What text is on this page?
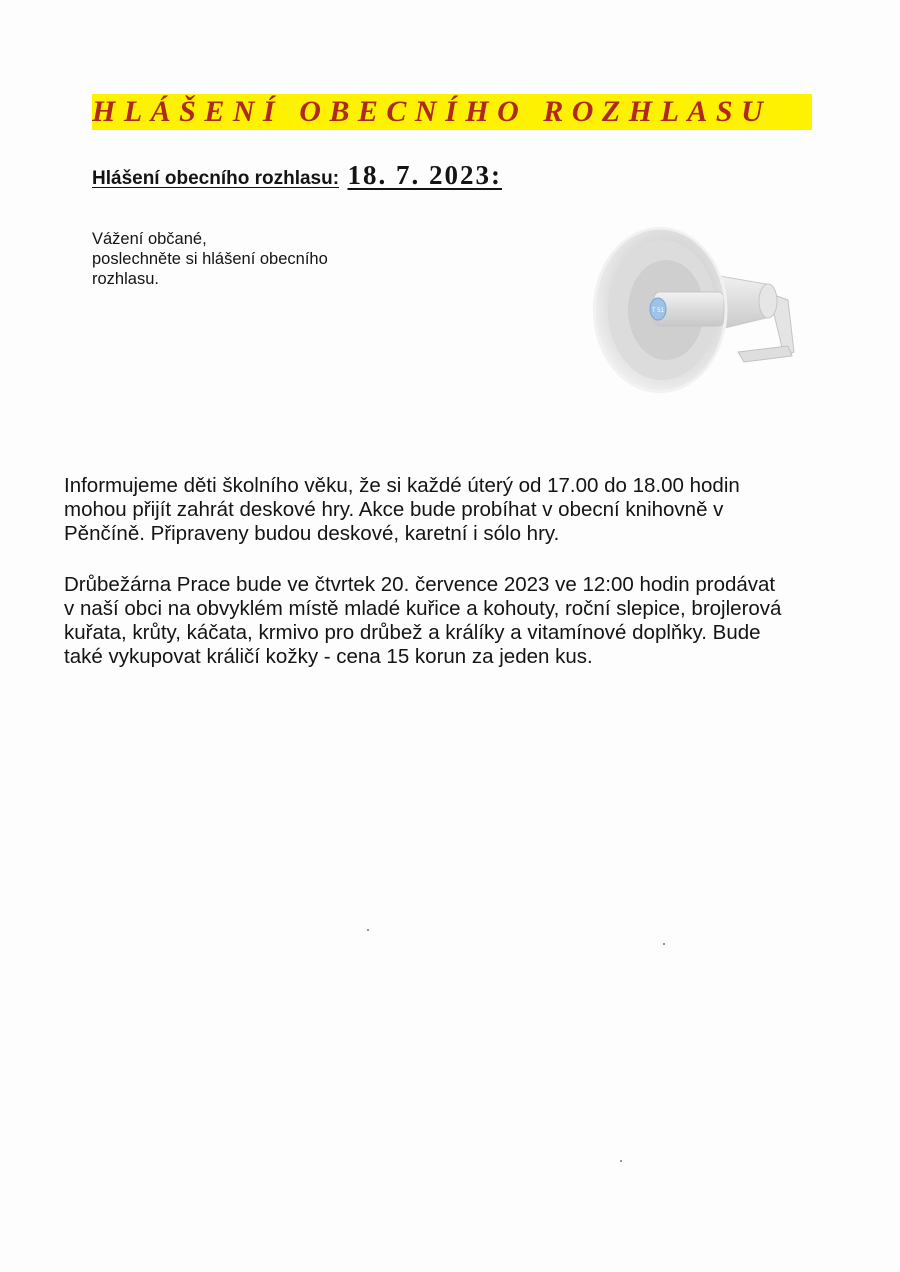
HLÁŠENÍ OBECNÍHO ROZHLASU
Hlášení obecního rozhlasu: 18. 7. 2023:

Vážení občané,
poslechněte si hlášení obecního
rozhlasu.

T 51

Informujeme děti školního věku, že si každé úterý od 17.00 do 18.00 hodin
mohou přijít zahrát deskové hry. Akce bude probíhat v obecní knihovně v
Pěnčíně. Připraveny budou deskové, karetní i sólo hry.

Drůbežárna Prace bude ve čtvrtek 20. července 2023 ve 12:00 hodin prodávat
v naší obci na obvyklém místě mladé kuřice a kohouty, roční slepice, brojlerová
kuřata, krůty, káčata, krmivo pro drůbež a králíky a vitamínové doplňky. Bude
také vykupovat králičí kožky - cena 15 korun za jeden kus.
